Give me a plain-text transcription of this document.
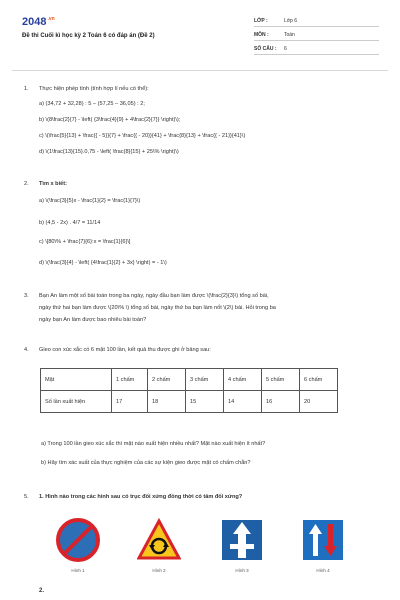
$2048^{.vn}$
Đề thi Cuối kì học kỳ 2 Toán 6 có đáp án (Đề 2)
LỚP :	Lớp 6
MÔN :	Toán
SỐ CÂU : 6
1.	Thực hiện phép tính (tính hợp lí nếu có thể):
a) (34,72 + 32,28) : 5 – (57,25 – 36,05) : 2;
b) \(8\frac{2}{7} - \left( {3\frac{4}{9} + 4\frac{2}{7}} \right)\);
c) \(\frac{5}{13} + \frac{{ - 5}}{7} + \frac{{ - 20}}{41} + \frac{8}{13} + \frac{{ - 21}}{41}\)
d) \(1\frac{13}{15}.0,75 - \left( \frac{8}{15} + 25\% \right)\)
2.	Tìm x biết:
a) \(\frac{3}{5}x - \frac{1}{2} = \frac{1}{7}\)
b) (4,5 - 2x) . 4/7 = 11/14
c) \[80\% + \frac{7}{6}:x = \frac{1}{6}\]
d) \(\frac{3}{4} - \left( {4\frac{1}{2} + 3x} \right) = - 1\)
3.	Bạn An làm một số bài toán trong ba ngày, ngày đầu bạn làm được \(\frac{2}{3}\) tổng số bài,
ngày thứ hai bạn làm được \(20\% \) tổng số bài, ngày thứ ba bạn làm nốt \(2\) bài. Hỏi trong ba
ngày bạn An làm được bao nhiêu bài toán?
4.	Gieo con xúc xắc có 6 mặt 100 lần, kết quả thu được ghi ở bảng sau:
Mặt	1 chấm	2 chấm	3 chấm	4 chấm	5 chấm	6 chấm
Số lần xuất hiện	17	18	15	14	16	20
a) Trong 100 lần gieo xúc xắc thì mặt nào xuất hiện nhiều nhất? Mặt nào xuất hiện ít nhất?
b) Hãy tìm xác suất của thực nghiệm của các sự kiện gieo được mặt có chấm chẵn?
5.	1. Hình nào trong các hình sau có trục đối xứng đồng thời có tâm đối xứng?
Hình 1	Hình 2	Hình 3	Hình 4
2.
